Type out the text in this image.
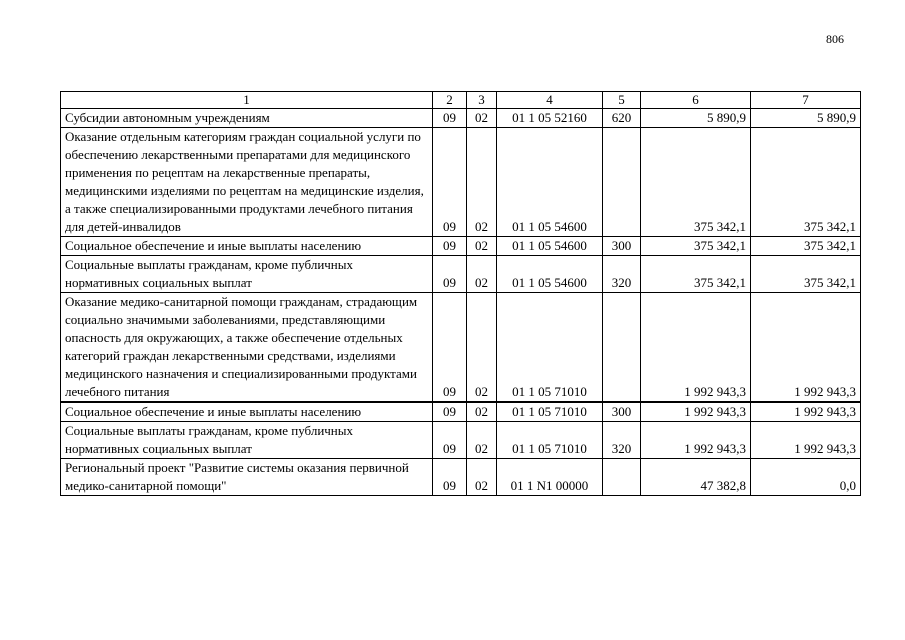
806
1	2	3	4	5	6	7
Субсидии автономным учреждениям	09	02	01 1 05 52160	620	5 890,9	5 890,9
Оказание отдельным категориям граждан социальной услуги по обеспечению лекарственными препаратами для медицинского применения по рецептам на лекарственные препараты, медицинскими изделиями по рецептам на медицинские изделия, а также специализированными продуктами лечебного питания для детей-инвалидов	09	02	01 1 05 54600		375 342,1	375 342,1
Социальное обеспечение и иные выплаты населению	09	02	01 1 05 54600	300	375 342,1	375 342,1
Социальные выплаты гражданам, кроме публичных нормативных социальных выплат	09	02	01 1 05 54600	320	375 342,1	375 342,1
Оказание медико-санитарной помощи гражданам, страдающим социально значимыми заболеваниями, представляющими опасность для окружающих, а также обеспечение отдельных категорий граждан лекарственными средствами, изделиями медицинского назначения и специализированными продуктами лечебного питания	09	02	01 1 05 71010		1 992 943,3	1 992 943,3
Социальное обеспечение и иные выплаты населению	09	02	01 1 05 71010	300	1 992 943,3	1 992 943,3
Социальные выплаты гражданам, кроме публичных нормативных социальных выплат	09	02	01 1 05 71010	320	1 992 943,3	1 992 943,3
Региональный проект "Развитие системы оказания первичной медико-санитарной помощи"	09	02	01 1 N1 00000		47 382,8	0,0
